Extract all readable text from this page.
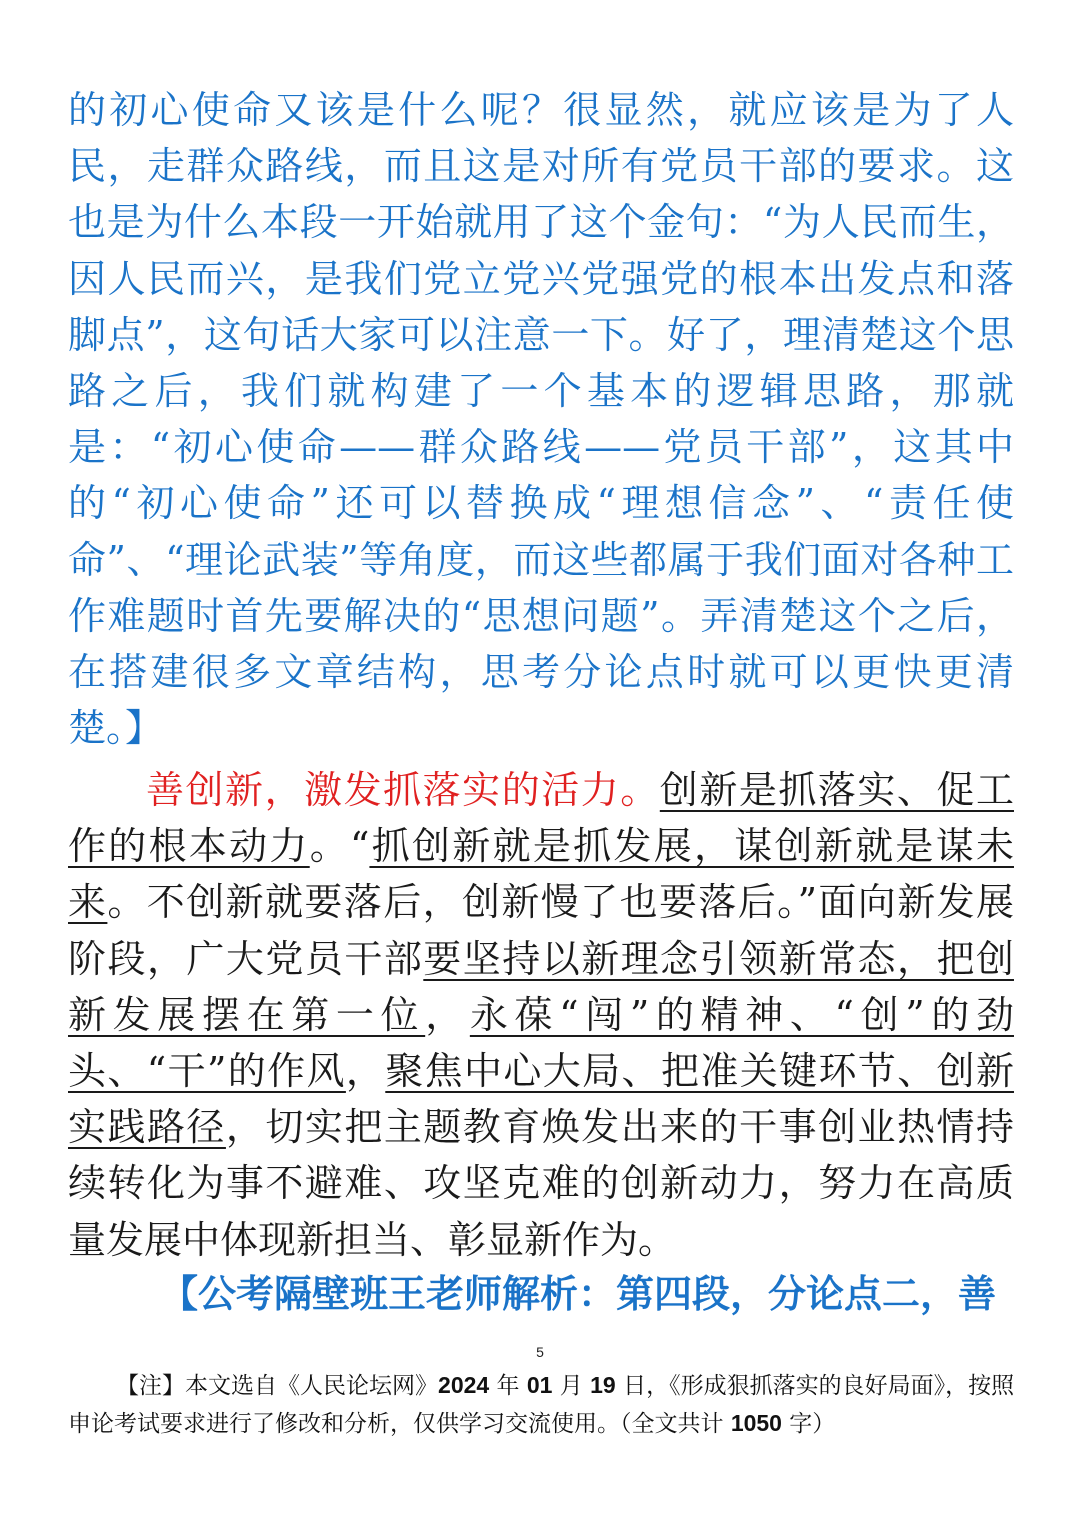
的初心使命又该是什么呢？很显然，就应该是为了人民，走群众路线，而且这是对所有党员干部的要求。这也是为什么本段一开始就用了这个金句：“为人民而生，因人民而兴，是我们党立党兴党强党的根本出发点和落脚点”，这句话大家可以注意一下。好了，理清楚这个思路之后，我们就构建了一个基本的逻辑思路，那就是：“初心使命——群众路线——党员干部”，这其中的“初心使命”还可以替换成“理想信念”、“责任使命”、“理论武装”等角度，而这些都属于我们面对各种工作难题时首先要解决的“思想问题”。弄清楚这个之后，在搭建很多文章结构，思考分论点时就可以更快更清楚。】

善创新，激发抓落实的活力。创新是抓落实、促工作的根本动力。“抓创新就是抓发展，谋创新就是谋未来。不创新就要落后，创新慢了也要落后。”面向新发展阶段，广大党员干部要坚持以新理念引领新常态，把创新发展摆在第一位，永葆“闯”的精神、“创”的劲头、“干”的作风，聚焦中心大局、把准关键环节、创新实践路径，切实把主题教育焕发出来的干事创业热情持续转化为事不避难、攻坚克难的创新动力，努力在高质量发展中体现新担当、彰显新作为。

【公考隔壁班王老师解析：第四段，分论点二，善

5

【注】本文选自《人民论坛网》2024 年 01 月 19 日，《形成狠抓落实的良好局面》，按照申论考试要求进行了修改和分析，仅供学习交流使用。（全文共计 1050 字）
